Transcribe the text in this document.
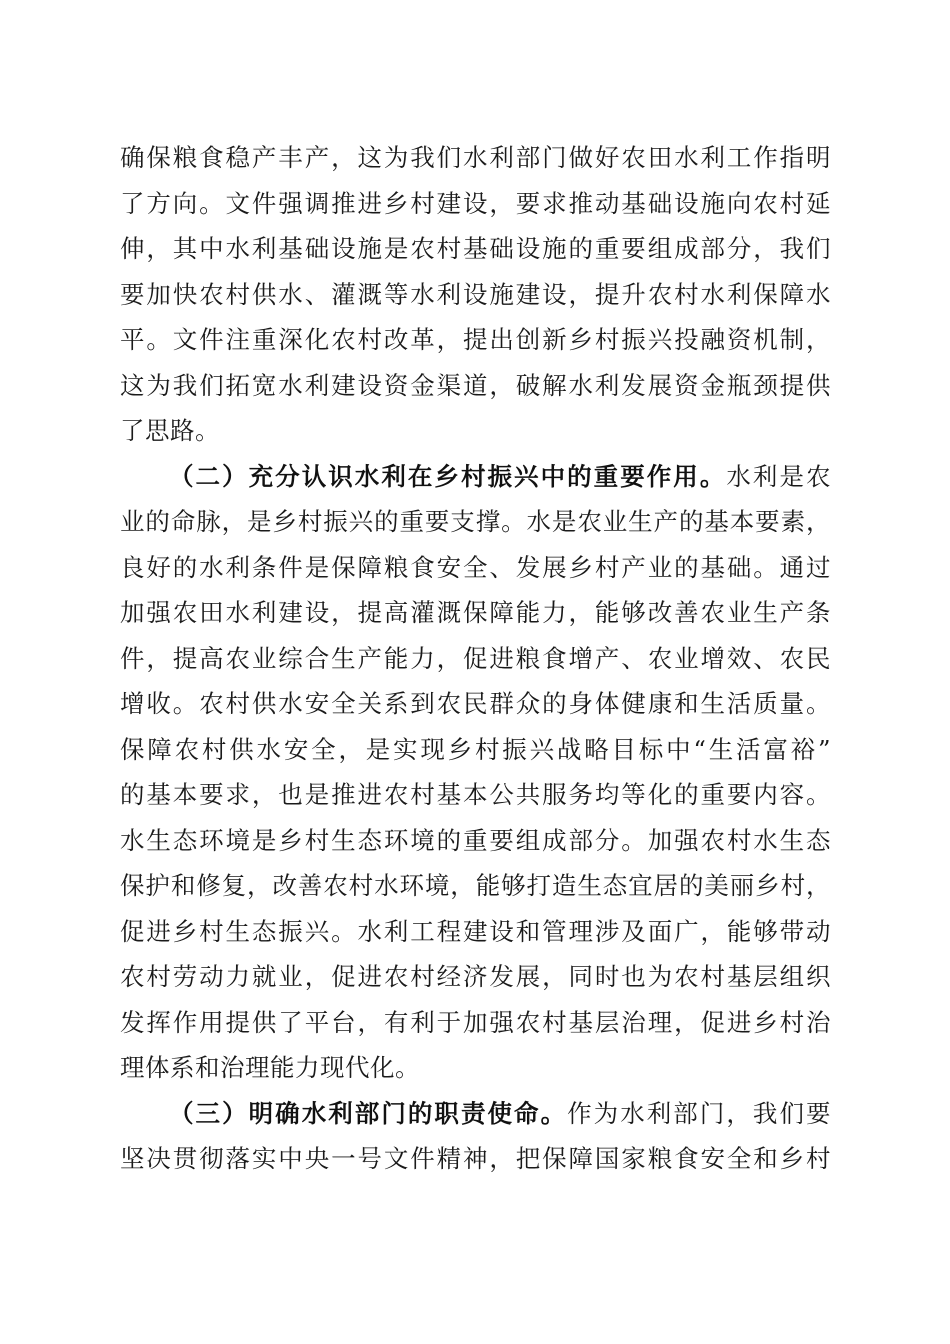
确保粮食稳产丰产，这为我们水利部门做好农田水利工作指明
了方向。文件强调推进乡村建设，要求推动基础设施向农村延
伸，其中水利基础设施是农村基础设施的重要组成部分，我们
要加快农村供水、灌溉等水利设施建设，提升农村水利保障水
平。文件注重深化农村改革，提出创新乡村振兴投融资机制，
这为我们拓宽水利建设资金渠道，破解水利发展资金瓶颈提供
了思路。
（二）充分认识水利在乡村振兴中的重要作用。水利是农
业的命脉，是乡村振兴的重要支撑。水是农业生产的基本要素，
良好的水利条件是保障粮食安全、发展乡村产业的基础。通过
加强农田水利建设，提高灌溉保障能力，能够改善农业生产条
件，提高农业综合生产能力，促进粮食增产、农业增效、农民
增收。农村供水安全关系到农民群众的身体健康和生活质量。
保障农村供水安全，是实现乡村振兴战略目标中“生活富裕”
的基本要求，也是推进农村基本公共服务均等化的重要内容。
水生态环境是乡村生态环境的重要组成部分。加强农村水生态
保护和修复，改善农村水环境，能够打造生态宜居的美丽乡村，
促进乡村生态振兴。水利工程建设和管理涉及面广，能够带动
农村劳动力就业，促进农村经济发展，同时也为农村基层组织
发挥作用提供了平台，有利于加强农村基层治理，促进乡村治
理体系和治理能力现代化。
（三）明确水利部门的职责使命。作为水利部门，我们要
坚决贯彻落实中央一号文件精神，把保障国家粮食安全和乡村
